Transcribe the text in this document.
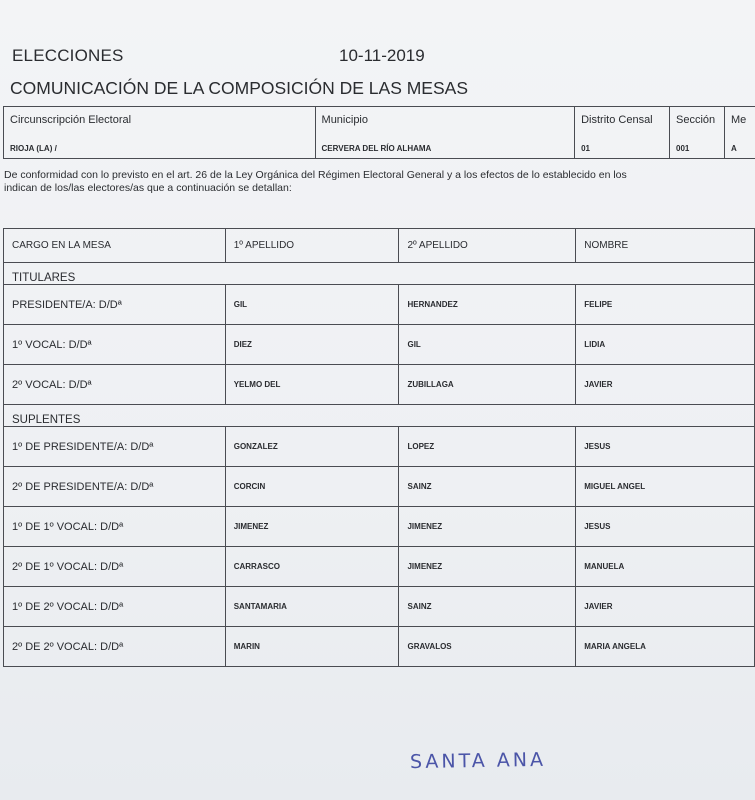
ELECCIONES	10-11-2019
COMUNICACIÓN DE LA COMPOSICIÓN DE LAS MESAS
Circunscripción Electoral
RIOJA (LA) /

Municipio
CERVERA DEL RÍO ALHAMA

Distrito Censal
01

Sección
001

Me
A
De conformidad con lo previsto en el art. 26 de la Ley Orgánica del Régimen Electoral General y a los efectos de lo establecido en los
indican de los/las electores/as que a continuación se detallan:
CARGO EN LA MESA	1º APELLIDO	2º APELLIDO	NOMBRE
TITULARES			
PRESIDENTE/A: D/Dª	GIL	HERNANDEZ	FELIPE
1º VOCAL: D/Dª	DIEZ	GIL	LIDIA
2º VOCAL: D/Dª	YELMO DEL	ZUBILLAGA	JAVIER
SUPLENTES			
1º DE PRESIDENTE/A: D/Dª	GONZALEZ	LOPEZ	JESUS
2º DE PRESIDENTE/A: D/Dª	CORCIN	SAINZ	MIGUEL ANGEL
1º DE 1º VOCAL: D/Dª	JIMENEZ	JIMENEZ	JESUS
2º DE 1º VOCAL: D/Dª	CARRASCO	JIMENEZ	MANUELA
1º DE 2º VOCAL: D/Dª	SANTAMARIA	SAINZ	JAVIER
2º DE 2º VOCAL: D/Dª	MARIN	GRAVALOS	MARIA ANGELA
SANTA ANA
